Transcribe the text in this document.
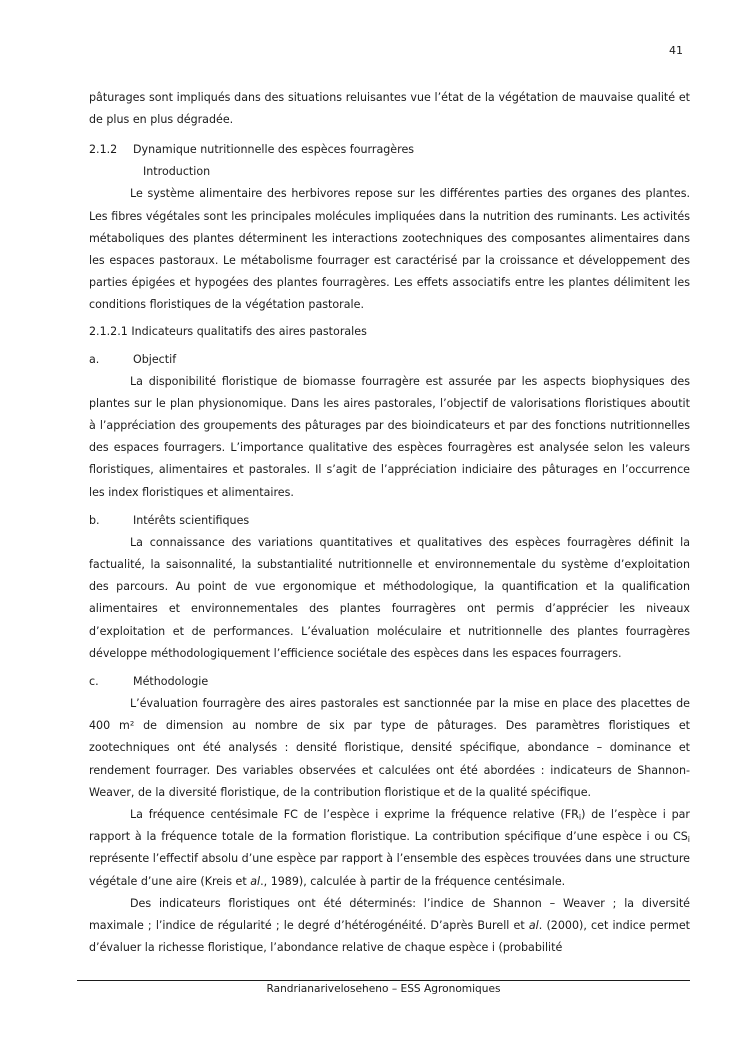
41

pâturages sont impliqués dans des situations reluisantes vue l’état de la végétation de mauvaise qualité et de plus en plus dégradée.

2.1.2	Dynamique nutritionnelle des espèces fourragères
Introduction

Le système alimentaire des herbivores repose sur les différentes parties des organes des plantes. Les fibres végétales sont les principales molécules impliquées dans la nutrition des ruminants. Les activités métaboliques des plantes déterminent les interactions zootechniques des composantes alimentaires dans les espaces pastoraux. Le métabolisme fourrager est caractérisé par la croissance et développement des parties épigées et hypogées des plantes fourragères. Les effets associatifs entre les plantes délimitent les conditions floristiques de la végétation pastorale.

2.1.2.1 Indicateurs qualitatifs des aires pastorales
a.	Objectif

La disponibilité floristique de biomasse fourragère est assurée par les aspects biophysiques des plantes sur le plan physionomique. Dans les aires pastorales, l’objectif de valorisations floristiques aboutit à l’appréciation des groupements des pâturages par des bioindicateurs et par des fonctions nutritionnelles des espaces fourragers. L’importance qualitative des espèces fourragères est analysée selon les valeurs floristiques, alimentaires et pastorales. Il s’agit de l’appréciation indiciaire des pâturages en l’occurrence les index floristiques et alimentaires.

b.	Intérêts scientifiques

La connaissance des variations quantitatives et qualitatives des espèces fourragères définit la factualité, la saisonnalité, la substantialité nutritionnelle et environnementale du système d’exploitation des parcours. Au point de vue ergonomique et méthodologique, la quantification et la qualification alimentaires et environnementales des plantes fourragères ont permis d’apprécier les niveaux d’exploitation et de performances. L’évaluation moléculaire et nutritionnelle des plantes fourragères développe méthodologiquement l’efficience sociétale des espèces dans les espaces fourragers.

c.	Méthodologie

L’évaluation fourragère des aires pastorales est sanctionnée par la mise en place des placettes de 400 m² de dimension au nombre de six par type de pâturages. Des paramètres floristiques et zootechniques ont été analysés : densité floristique, densité spécifique, abondance – dominance et rendement fourrager. Des variables observées et calculées ont été abordées : indicateurs de Shannon-Weaver, de la diversité floristique, de la contribution floristique et de la qualité spécifique.

La fréquence centésimale FC de l’espèce i exprime la fréquence relative $(FR_i)$ de l’espèce i par rapport à la fréquence totale de la formation floristique. La contribution spécifique d’une espèce i ou $CS_i$ représente l’effectif absolu d’une espèce par rapport à l’ensemble des espèces trouvées dans une structure végétale d’une aire (Kreis et al., 1989), calculée à partir de la fréquence centésimale.

Des indicateurs floristiques ont été déterminés: l’indice de Shannon – Weaver ; la diversité maximale ; l’indice de régularité ; le degré d’hétérogénéité. D’après Burell et al. (2000), cet indice permet d’évaluer la richesse floristique, l’abondance relative de chaque espèce i (probabilité

Randrianariveloseheno – ESS Agronomiques
